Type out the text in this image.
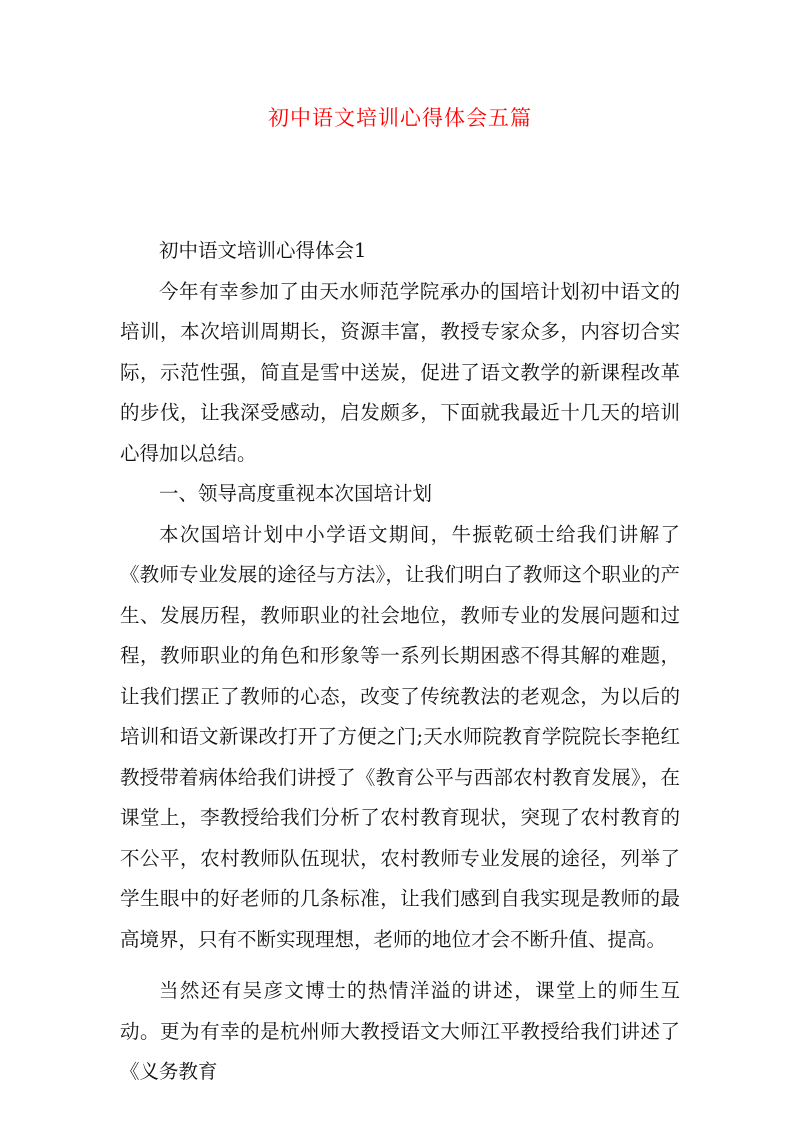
初中语文培训心得体会五篇

初中语文培训心得体会1

今年有幸参加了由天水师范学院承办的国培计划初中语文的培训，本次培训周期长，资源丰富，教授专家众多，内容切合实际，示范性强，简直是雪中送炭，促进了语文教学的新课程改革的步伐，让我深受感动，启发颇多，下面就我最近十几天的培训心得加以总结。

一、领导高度重视本次国培计划

本次国培计划中小学语文期间，牛振乾硕士给我们讲解了《教师专业发展的途径与方法》，让我们明白了教师这个职业的产生、发展历程，教师职业的社会地位，教师专业的发展问题和过程，教师职业的角色和形象等一系列长期困惑不得其解的难题，让我们摆正了教师的心态，改变了传统教法的老观念，为以后的培训和语文新课改打开了方便之门;天水师院教育学院院长李艳红教授带着病体给我们讲授了《教育公平与西部农村教育发展》，在课堂上，李教授给我们分析了农村教育现状，突现了农村教育的不公平，农村教师队伍现状，农村教师专业发展的途径，列举了学生眼中的好老师的几条标准，让我们感到自我实现是教师的最高境界，只有不断实现理想，老师的地位才会不断升值、提高。

当然还有吴彦文博士的热情洋溢的讲述，课堂上的师生互动。更为有幸的是杭州师大教授语文大师江平教授给我们讲述了《义务教育
